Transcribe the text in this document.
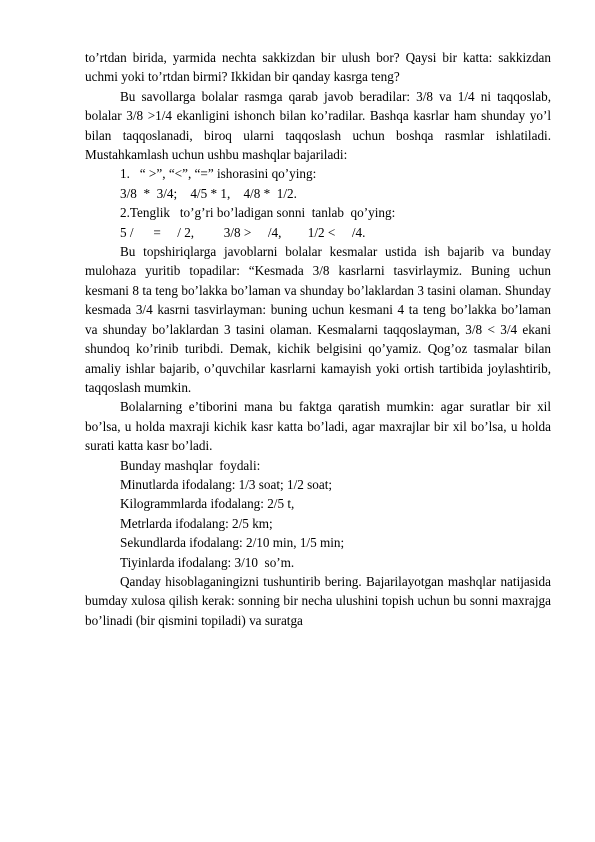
to’rtdan birida, yarmida nechta sakkizdan bir ulush bor? Qaysi bir katta: sakkizdan uchmi yoki to’rtdan birmi? Ikkidan bir qanday kasrga teng?

Bu savollarga bolalar rasmga qarab javob beradilar: 3/8 va 1/4 ni taqqoslab, bolalar 3/8 >1/4 ekanligini ishonch bilan ko’radilar. Bashqa kasrlar ham shunday yo’l bilan taqqoslanadi, biroq ularni taqqoslash uchun boshqa rasmlar ishlatiladi. Mustahkamlash uchun ushbu mashqlar bajariladi:

1.   “ >”, “<”, “=” ishorasini qo’ying:

3/8  *  3/4;    4/5 * 1,    4/8 *  1/2.

2.Tenglik   to’g’ri bo’ladigan sonni  tanlab  qo’ying:

5 /      =     / 2,         3/8 >     /4,        1/2 <     /4.

Bu topshiriqlarga javoblarni bolalar kesmalar ustida ish bajarib va bunday mulohaza yuritib topadilar: “Kesmada 3/8 kasrlarni tasvirlaymiz. Buning uchun kesmani 8 ta teng bo’lakka bo’laman va shunday bo’laklardan 3 tasini olaman. Shunday kesmada 3/4 kasrni tasvirlayman: buning uchun kesmani 4 ta teng bo’lakka bo’laman va shunday bo’laklardan 3 tasini olaman. Kesmalarni taqqoslayman, 3/8 < 3/4 ekani shundoq ko’rinib turibdi. Demak, kichik belgisini qo’yamiz. Qog’oz tasmalar bilan amaliy ishlar bajarib, o’quvchilar kasrlarni kamayish yoki ortish tartibida joylashtirib, taqqoslash mumkin.

Bolalarning e’tiborini mana bu faktga qaratish mumkin: agar suratlar bir xil bo’lsa, u holda maxraji kichik kasr katta bo’ladi, agar maxrajlar bir xil bo’lsa, u holda surati katta kasr bo’ladi.

Bunday mashqlar  foydali:

Minutlarda ifodalang: 1/3 soat; 1/2 soat;

Kilogrammlarda ifodalang: 2/5 t,

Metrlarda ifodalang: 2/5 km;

Sekundlarda ifodalang: 2/10 min, 1/5 min;

Tiyinlarda ifodalang: 3/10  so’m.

Qanday hisoblaganingizni tushuntirib bering. Bajarilayotgan mashqlar natijasida bumday xulosa qilish kerak: sonning bir necha ulushini topish uchun bu sonni maxrajga bo’linadi (bir qismini topiladi) va suratga
